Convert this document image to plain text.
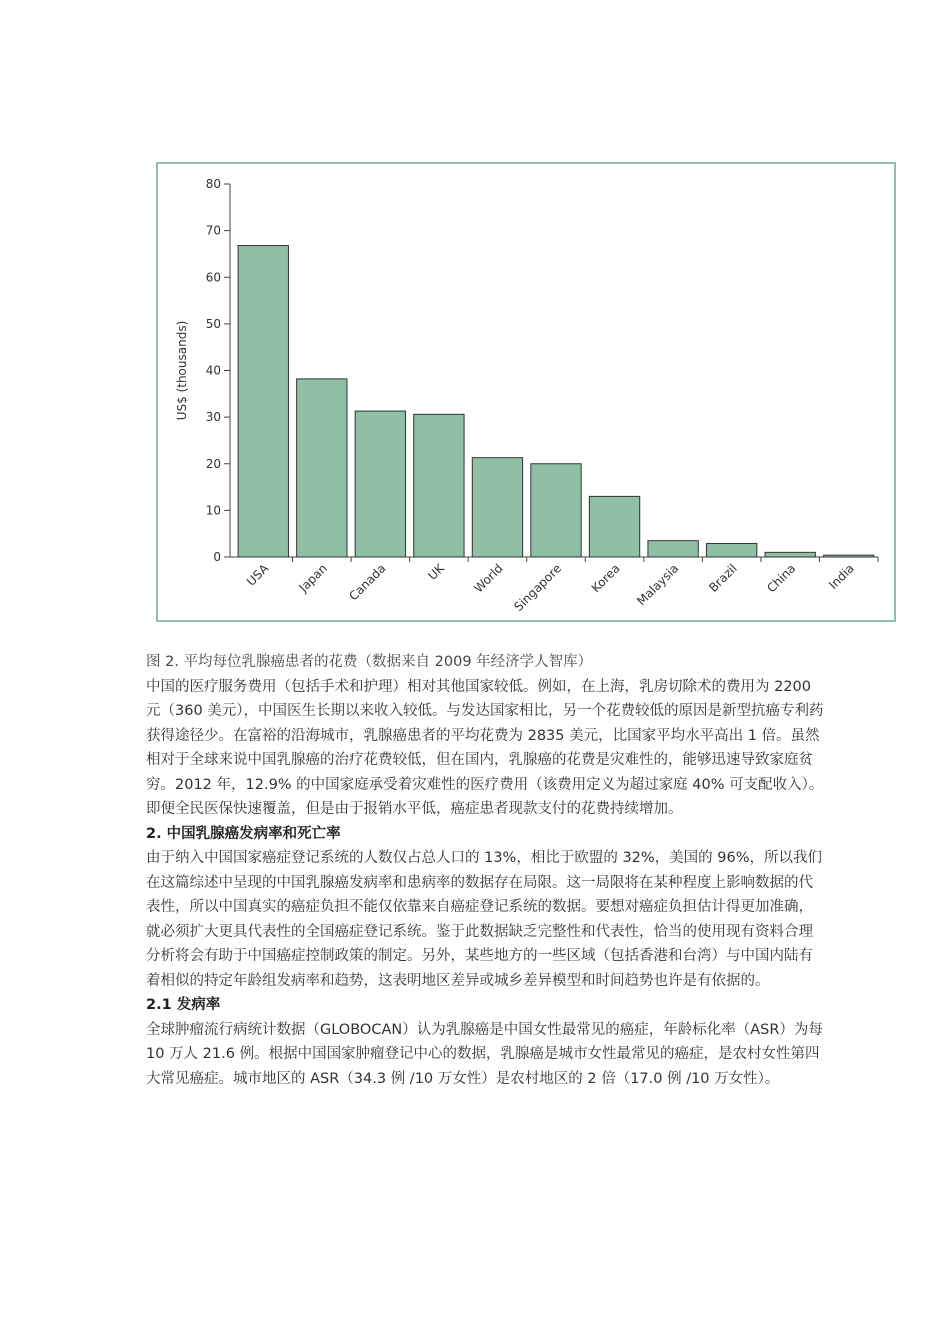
0
10
20
30
40
50
60
70
80
US$ (thousands)
USA Japan Canada	UK World Singapore Korea Malaysia Brazil China India

图 2. 平均每位乳腺癌患者的花费（数据来自 2009 年经济学人智库）

中国的医疗服务费用（包括手术和护理）相对其他国家较低。例如，在上海，乳房切除术的费用为 2200 元（360 美元），中国医生长期以来收入较低。与发达国家相比，另一个花费较低的原因是新型抗癌专利药获得途径少。在富裕的沿海城市，乳腺癌患者的平均花费为 2835 美元，比国家平均水平高出 1 倍。虽然相对于全球来说中国乳腺癌的治疗花费较低，但在国内，乳腺癌的花费是灾难性的，能够迅速导致家庭贫穷。2012 年，12.9% 的中国家庭承受着灾难性的医疗费用（该费用定义为超过家庭 40% 可支配收入）。即便全民医保快速覆盖，但是由于报销水平低，癌症患者现款支付的花费持续增加。

2. 中国乳腺癌发病率和死亡率

由于纳入中国国家癌症登记系统的人数仅占总人口的 13%，相比于欧盟的 32%，美国的 96%，所以我们在这篇综述中呈现的中国乳腺癌发病率和患病率的数据存在局限。这一局限将在某种程度上影响数据的代表性，所以中国真实的癌症负担不能仅依靠来自癌症登记系统的数据。要想对癌症负担估计得更加准确，就必须扩大更具代表性的全国癌症登记系统。鉴于此数据缺乏完整性和代表性，恰当的使用现有资料合理分析将会有助于中国癌症控制政策的制定。另外，某些地方的一些区域（包括香港和台湾）与中国内陆有着相似的特定年龄组发病率和趋势，这表明地区差异或城乡差异模型和时间趋势也许是有依据的。

2.1 发病率

全球肿瘤流行病统计数据（GLOBOCAN）认为乳腺癌是中国女性最常见的癌症，年龄标化率（ASR）为每 10 万人 21.6 例。根据中国国家肿瘤登记中心的数据，乳腺癌是城市女性最常见的癌症，是农村女性第四大常见癌症。城市地区的 ASR（34.3 例 /10 万女性）是农村地区的 2 倍（17.0 例 /10 万女性）。
